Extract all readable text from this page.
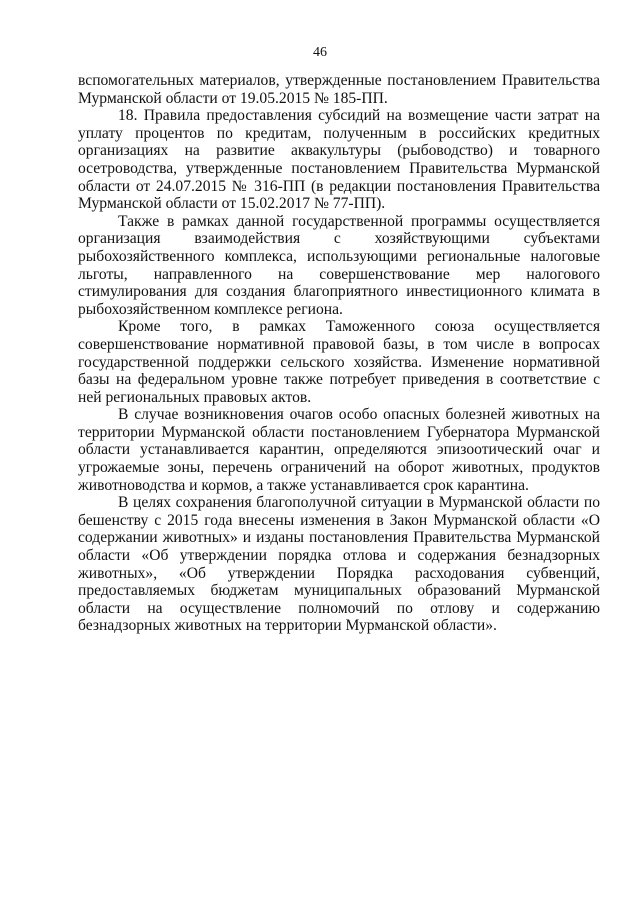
46

вспомогательных материалов, утвержденные постановлением Правительства Мурманской области от 19.05.2015 № 185-ПП.

18. Правила предоставления субсидий на возмещение части затрат на уплату процентов по кредитам, полученным в российских кредитных организациях на развитие аквакультуры (рыбоводство) и товарного осетроводства, утвержденные постановлением Правительства Мурманской области от 24.07.2015 № 316-ПП (в редакции постановления Правительства Мурманской области от 15.02.2017 № 77-ПП).

Также в рамках данной государственной программы осуществляется организация взаимодействия с хозяйствующими субъектами рыбохозяйственного комплекса, использующими региональные налоговые льготы, направленного на совершенствование мер налогового стимулирования для создания благоприятного инвестиционного климата в рыбохозяйственном комплексе региона.

Кроме того, в рамках Таможенного союза осуществляется совершенствование нормативной правовой базы, в том числе в вопросах государственной поддержки сельского хозяйства. Изменение нормативной базы на федеральном уровне также потребует приведения в соответствие с ней региональных правовых актов.

В случае возникновения очагов особо опасных болезней животных на территории Мурманской области постановлением Губернатора Мурманской области устанавливается карантин, определяются эпизоотический очаг и угрожаемые зоны, перечень ограничений на оборот животных, продуктов животноводства и кормов, а также устанавливается срок карантина.

В целях сохранения благополучной ситуации в Мурманской области по бешенству с 2015 года внесены изменения в Закон Мурманской области «О содержании животных» и изданы постановления Правительства Мурманской области «Об утверждении порядка отлова и содержания безнадзорных животных», «Об утверждении Порядка расходования субвенций, предоставляемых бюджетам муниципальных образований Мурманской области на осуществление полномочий по отлову и содержанию безнадзорных животных на территории Мурманской области».
